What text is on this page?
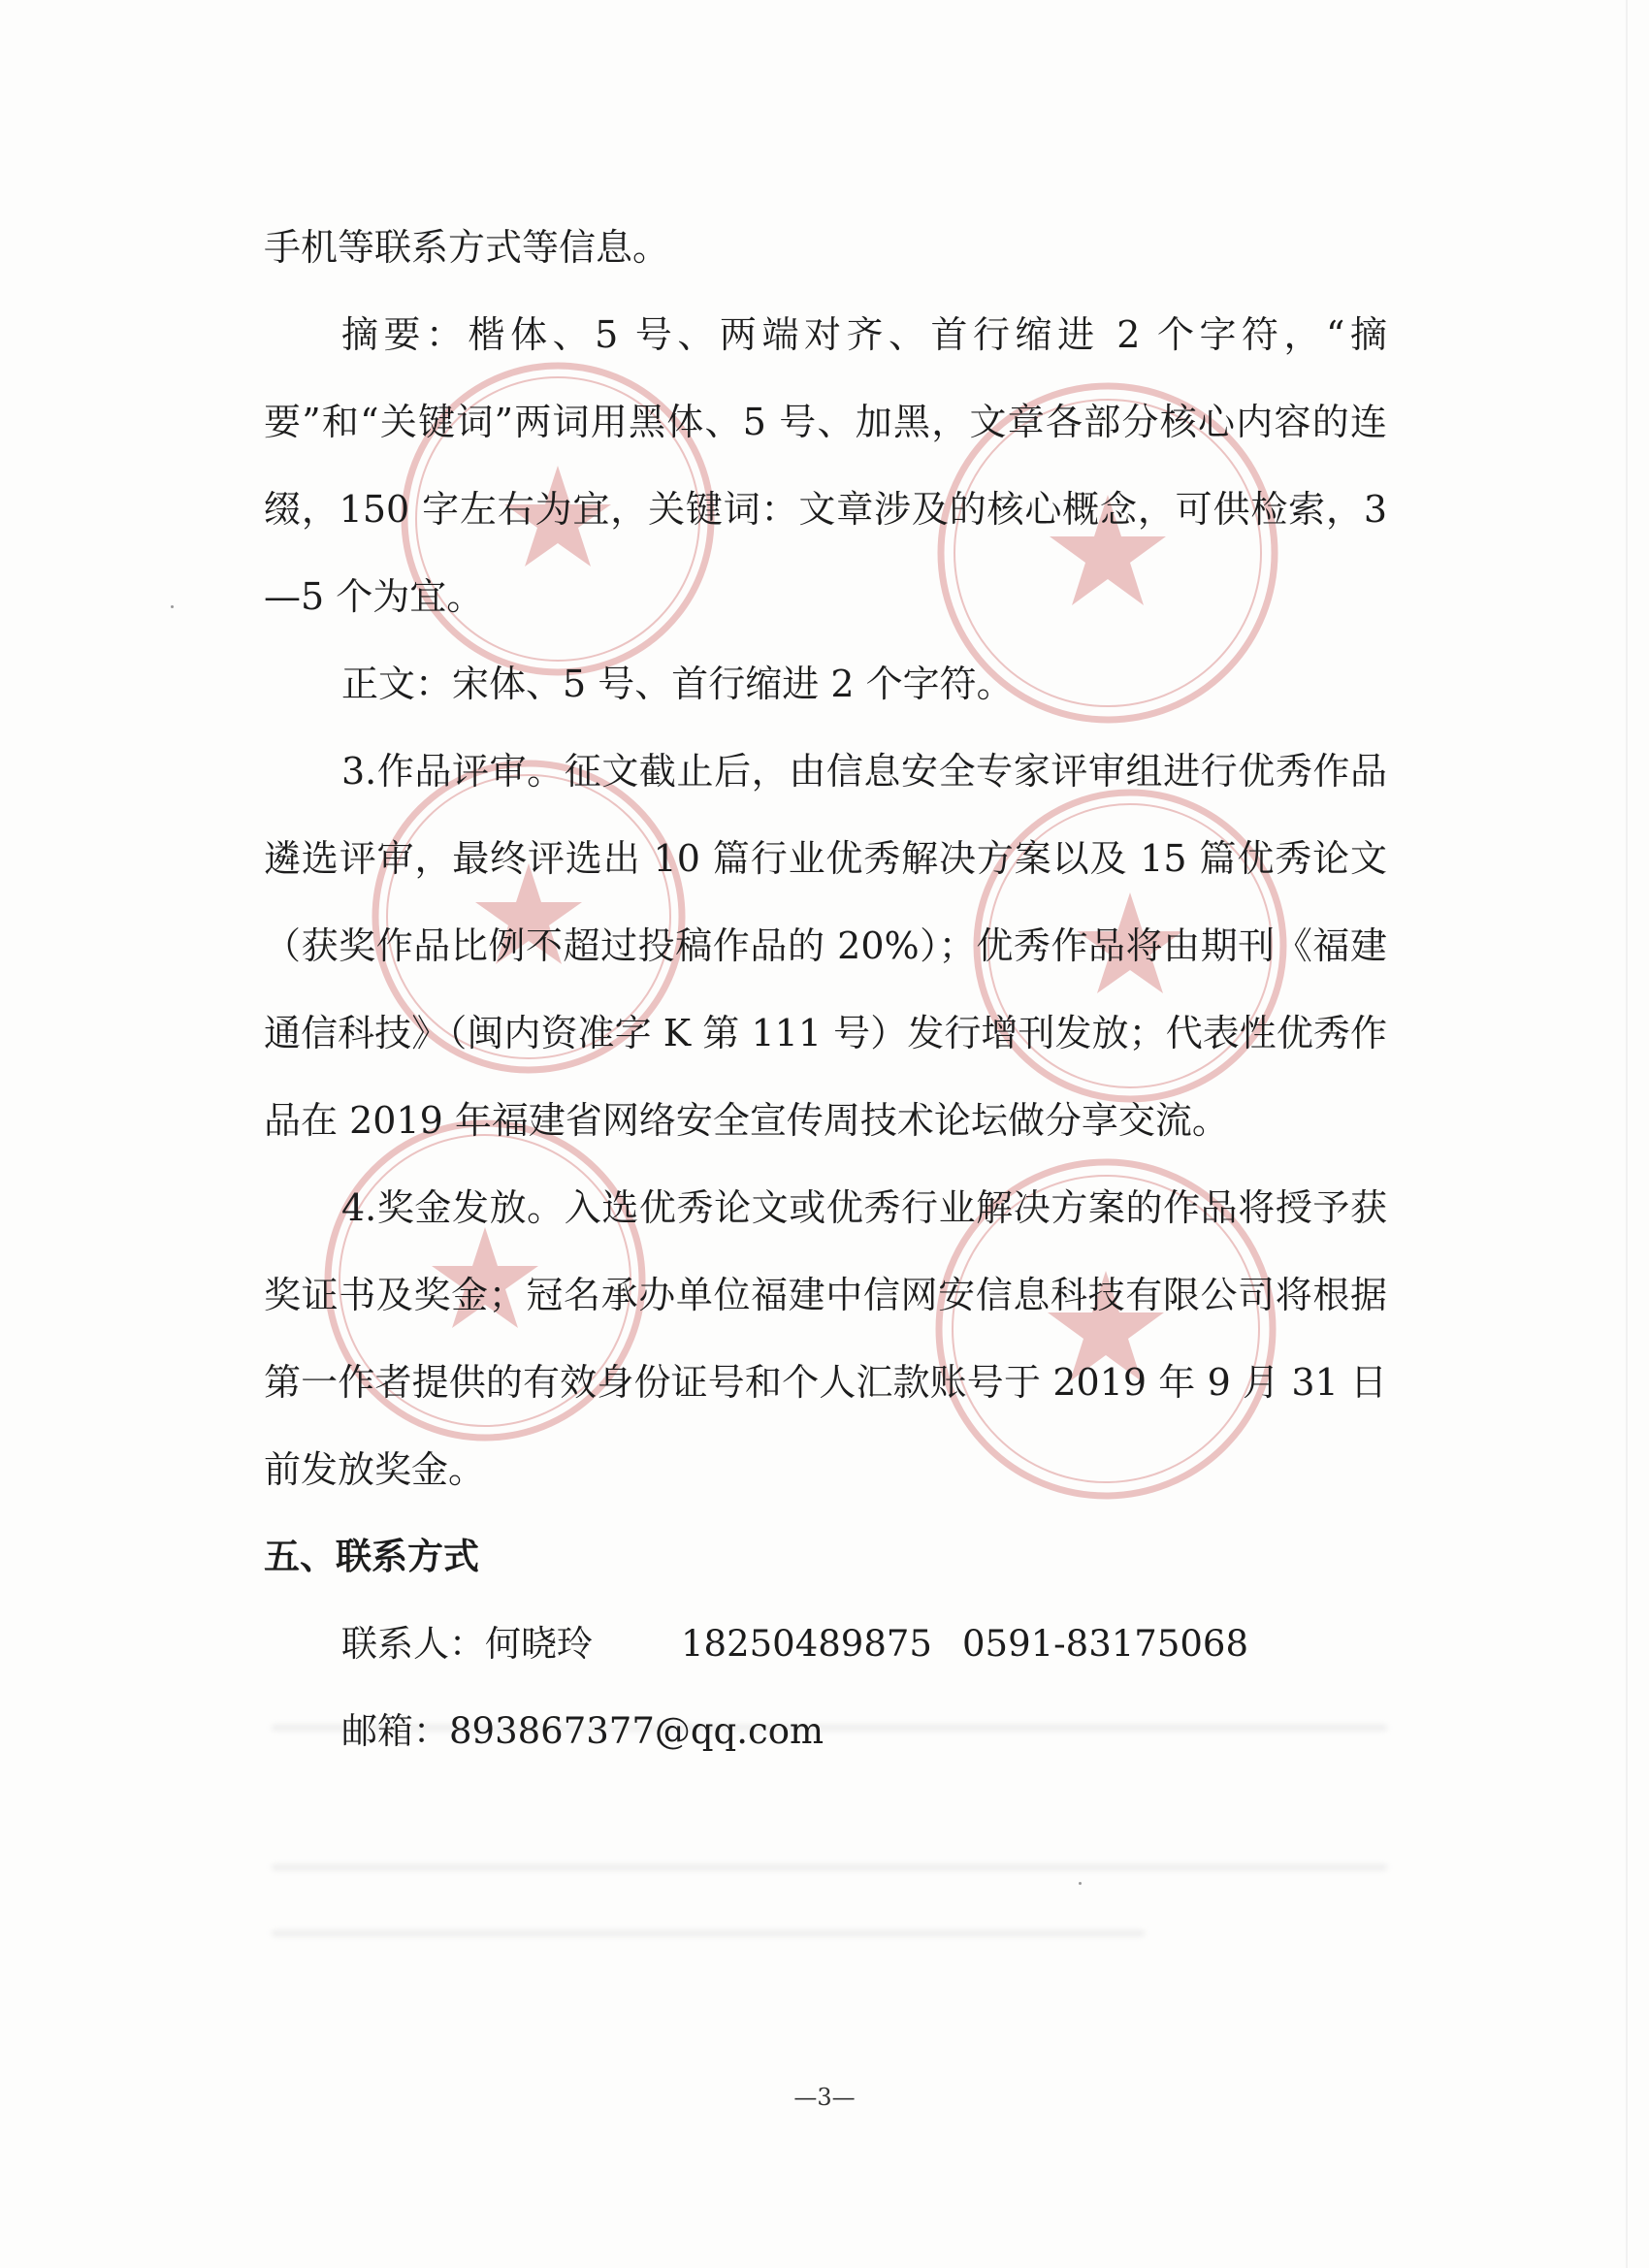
手机等联系方式等信息。

摘要：楷体、5 号、两端对齐、首行缩进 2 个字符，“摘要”和“关键词”两词用黑体、5 号、加黑，文章各部分核心内容的连缀，150 字左右为宜，关键词：文章涉及的核心概念，可供检索，3—5 个为宜。

正文：宋体、5 号、首行缩进 2 个字符。

3.作品评审。征文截止后，由信息安全专家评审组进行优秀作品遴选评审，最终评选出 10 篇行业优秀解决方案以及 15 篇优秀论文（获奖作品比例不超过投稿作品的 20%）；优秀作品将由期刊《福建通信科技》（闽内资准字 K 第 111 号）发行增刊发放；代表性优秀作品在 2019 年福建省网络安全宣传周技术论坛做分享交流。

4.奖金发放。入选优秀论文或优秀行业解决方案的作品将授予获奖证书及奖金；冠名承办单位福建中信网安信息科技有限公司将根据第一作者提供的有效身份证号和个人汇款账号于 2019 年 9 月 31 日前发放奖金。

五、联系方式

联系人：何晓玲 18250489875 0591-83175068

邮箱：893867377@qq.com

—3—
